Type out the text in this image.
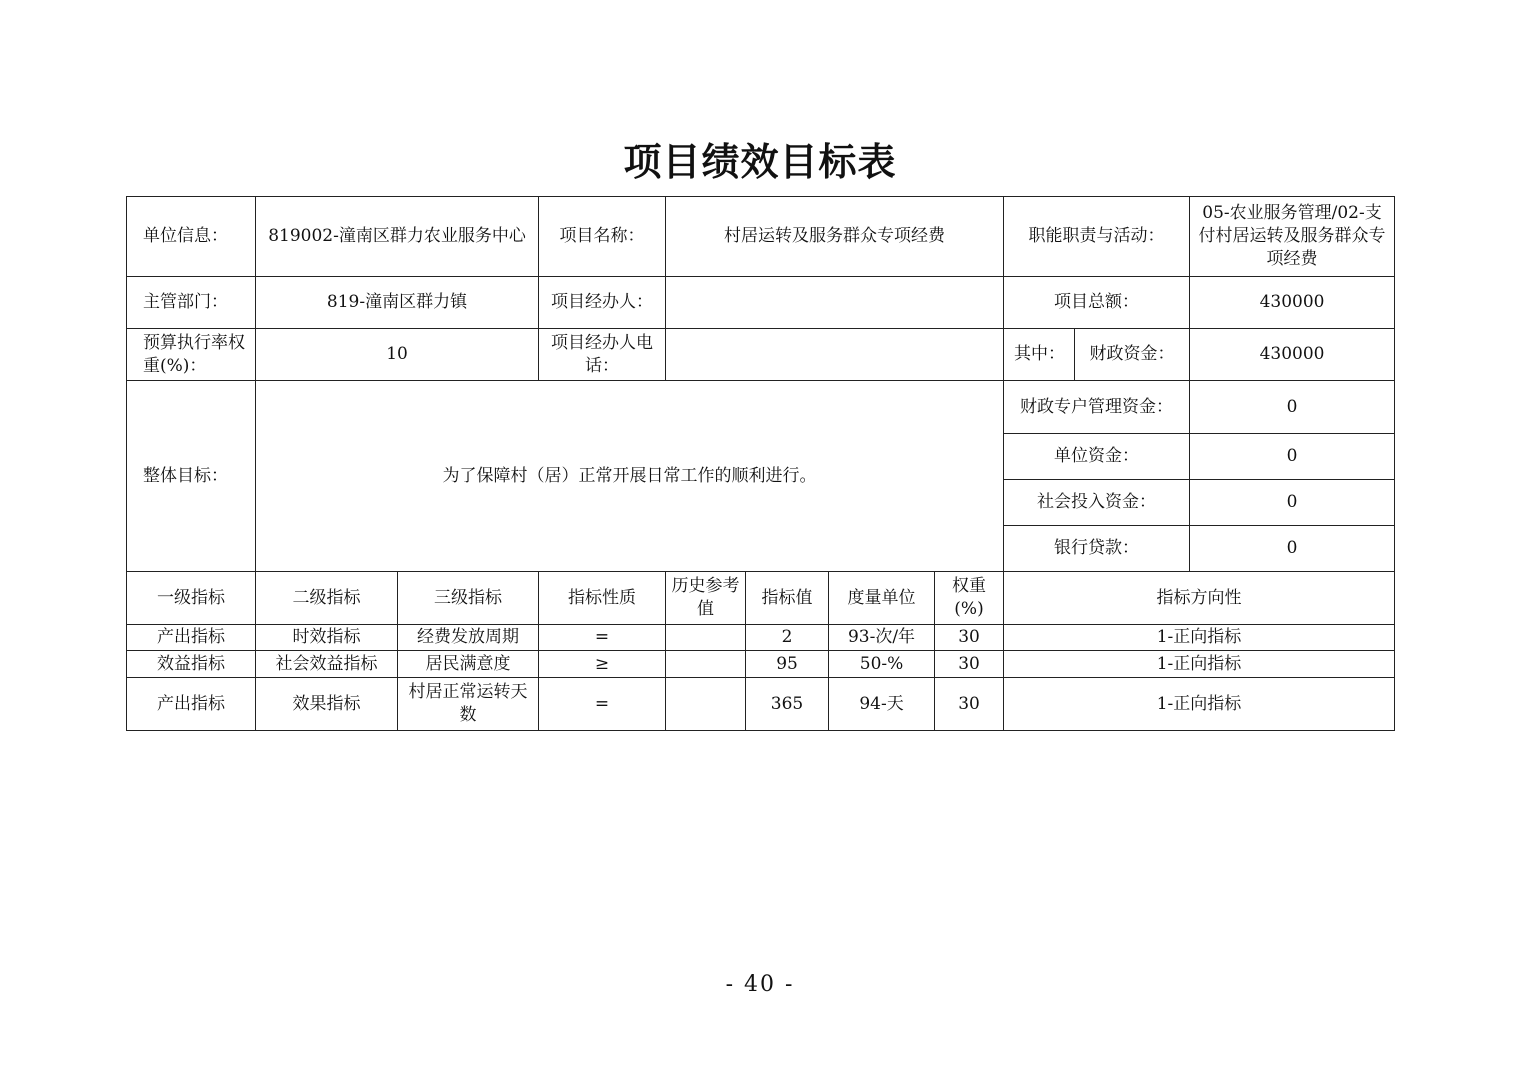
项目绩效目标表
单位信息：	819002-潼南区群力农业服务中心		项目名称：	村居运转及服务群众专项经费				职能职责与活动：		05-农业服务管理/02-支付村居运转及服务群众专项经费
主管部门：	819-潼南区群力镇		项目经办人：					项目总额：		430000
预算执行率权重(%)：	10		项目经办人电话：					其中：	财政资金：	430000
整体目标：	为了保障村（居）正常开展日常工作的顺利进行。							财政专户管理资金：		0
								单位资金：		0
								社会投入资金：		0
								银行贷款：		0
一级指标	二级指标	三级指标	指标性质	历史参考值	指标值	度量单位	权重(%)	指标方向性		
产出指标	时效指标	经费发放周期	=		2	93-次/年	30	1-正向指标		
效益指标	社会效益指标	居民满意度	≥		95	50-%	30	1-正向指标		
产出指标	效果指标	村居正常运转天数	=		365	94-天	30	1-正向指标		
- 40 -
